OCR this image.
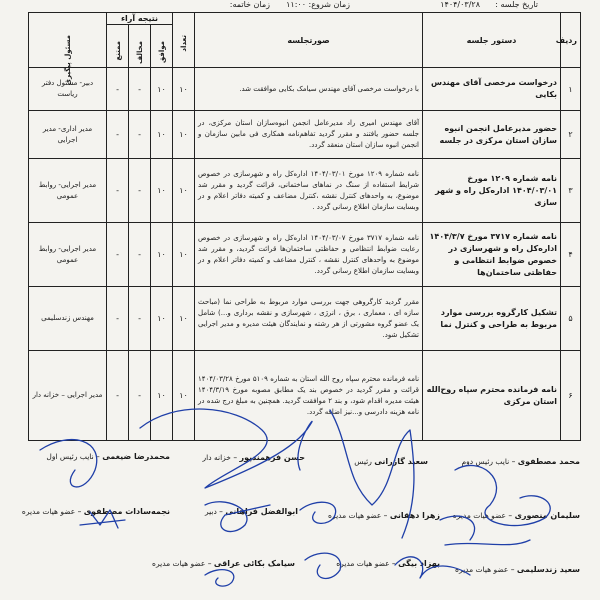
تاریخ جلسه :
۱۴۰۴/۰۳/۲۸
زمان شروع: ۱۱:۰۰
زمان خاتمه:
ردیف	دستور جلسه	صورتجلسه	تعداد	نتیجه آراء			مسئول پیگیری

				موافق	مخالف	ممتنع	

۱	درخواست مرخصی آقای مهندس بکایی	با درخواست مرخصی آقای مهندس سیامک بکایی موافقت شد.	۱۰	۱۰	-	-	دبیر- مسئول دفتر ریاست
۲	حضور مدیرعامل انجمن انبوه سازان استان مرکزی در جلسه	آقای مهندس امیری راد مدیرعامل انجمن انبوه‌سازان استان مرکزی، در جلسه حضور یافتند و مقرر گردید تفاهم‌نامه همکاری فی مابین سازمان و انجمن انبوه سازان استان منعقد گردد.	۱۰	۱۰	-	-	مدیر اداری- مدیر اجرایی
۳	نامه شماره ۱۲۰۹ مورخ ۱۴۰۴/۰۳/۰۱ اداره‌کل راه و شهر سازی	نامه شماره ۱۲۰۹ مورخ ۱۴۰۴/۰۳/۰۱ اداره‌کل راه و شهرسازی در خصوص شرایط استفاده از سنگ در نماهای ساختمانی، قرائت گردید و مقرر شد موضوع، به واحدهای کنترل نقشه ،کنترل مضاعف و کمیته دفاتر اعلام و در وبسایت سازمان اطلاع رسانی گردد .	۱۰	۱۰	-	-	مدیر اجرایی- روابط عمومی
۴	نامه شماره ۳۷۱۷ مورخ ۱۴۰۴/۳/۷ اداره‌کل راه و شهرسازی در خصوص ضوابط انتظامی و حفاظتی ساختمان‌ها	نامه شماره ۳۷۱۷ مورخ ۱۴۰۴/۰۳/۰۷ اداره‌کل راه و شهرسازی در خصوص رعایت ضوابط انتظامی و حفاظتی ساختمان‌ها قرائت گردید، و مقرر شد موضوع به واحدهای کنترل نقشه ، کنترل مضاعف و کمیته دفاتر اعلام و در وبسایت سازمان اطلاع رسانی گردد.	۱۰	۱۰	-	-	مدیر اجرایی- روابط عمومی
۵	تشکیل کارگروه بررسی موارد مربوط به طراحی و کنترل نما	مقرر گردید کارگروهی جهت بررسی موارد مربوط به طراحی نما (مباحث سازه ای ، معماری ، برق ، انرژی ، شهرسازی و نقشه برداری و...) شامل یک عضو گروه مشورتی از هر رشته و نمایندگان هیئت مدیره و مدیر اجرایی تشکیل شود.	۱۰	۱۰	-	-	مهندس زندسلیمی
۶	نامه فرمانده محترم سپاه روح‌الله استان مرکزی	نامه فرمانده محترم سپاه روح الله استان به شماره ۵۱۰۹ مورخ ۱۴۰۴/۰۳/۲۸ قرائت و مقرر گردید در خصوص بند یک مطابق مصوبه مورخ ۱۴۰۴/۳/۱۹ هیئت مدیره اقدام شود، و بند ۲ موافقت گردید. همچنین به مبلغ درج شده در نامه هزینه دادرسی و...نیز اضافه گردد.	۱۰	۱۰	-	-	مدیر اجرایی – خزانه دار
محمد مصطفوی – نایب رئیس دوم
سعید گازرانی رئیس
حسن فرهمندپور – خزانه دار
محمدرضا ضیغمی – نایب رئیس اول
سلیمان منصوری – عضو هیات مدیره
زهرا دهقانی – عضو هیات مدیره
ابوالفضل فراهانی – دبیر
نجمه‌سادات مصطفوی – عضو هیات مدیره
سعید زندسلیمی – عضو هیات مدیره
بهزاد بیگی – عضو هیات مدیره
سیامک بکائی عراقی – عضو هیات مدیره
